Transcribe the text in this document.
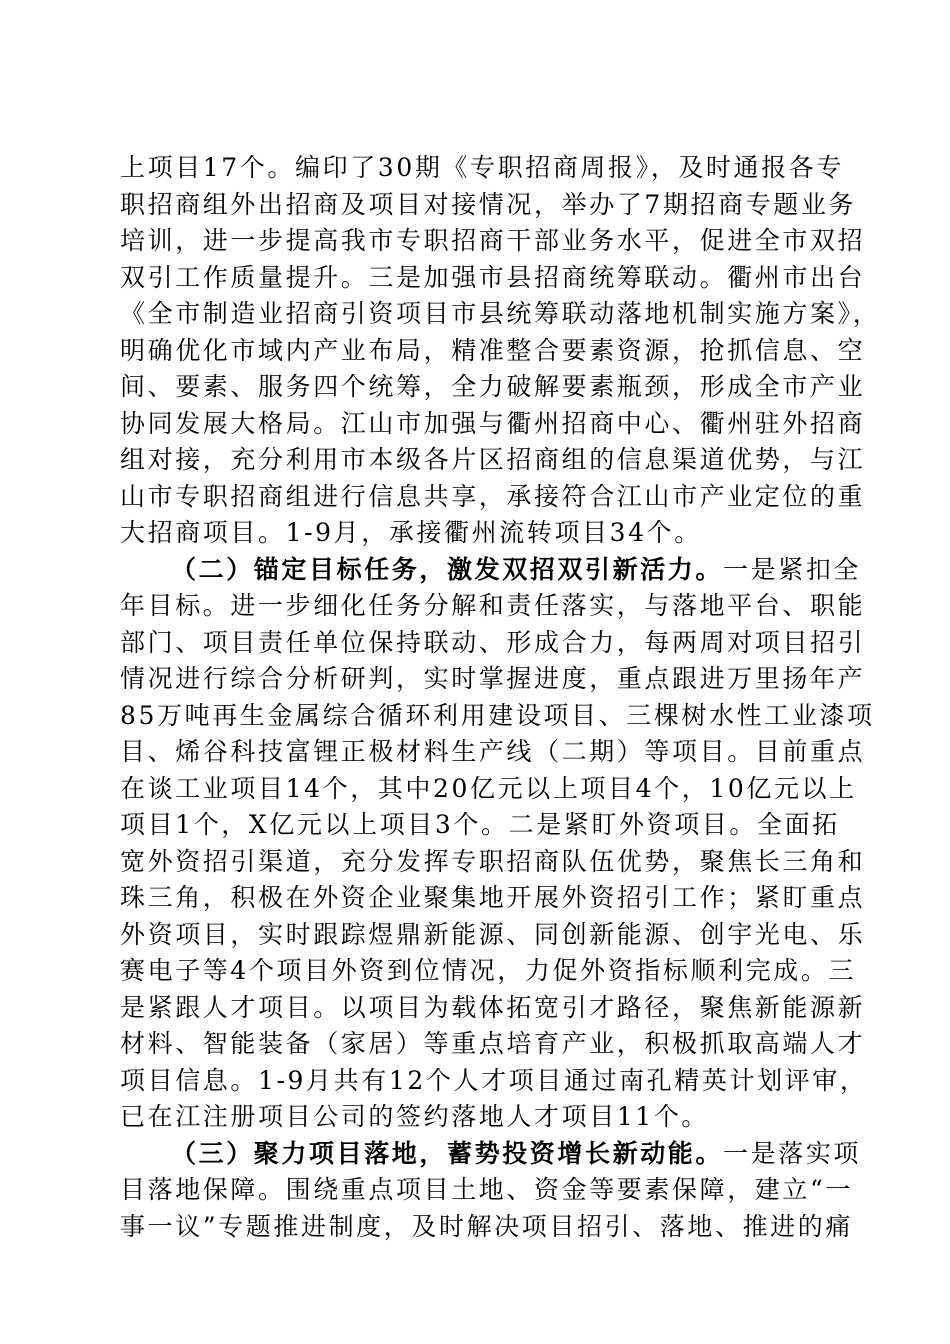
上项目17个。编印了30期《专职招商周报》，及时通报各专
职招商组外出招商及项目对接情况，举办了7期招商专题业务
培训，进一步提高我市专职招商干部业务水平，促进全市双招
双引工作质量提升。三是加强市县招商统筹联动。衢州市出台
《全市制造业招商引资项目市县统筹联动落地机制实施方案》，
明确优化市域内产业布局，精准整合要素资源，抢抓信息、空
间、要素、服务四个统筹，全力破解要素瓶颈，形成全市产业
协同发展大格局。江山市加强与衢州招商中心、衢州驻外招商
组对接，充分利用市本级各片区招商组的信息渠道优势，与江
山市专职招商组进行信息共享，承接符合江山市产业定位的重
大招商项目。1-9月，承接衢州流转项目34个。
（二）锚定目标任务，激发双招双引新活力。一是紧扣全
年目标。进一步细化任务分解和责任落实，与落地平台、职能
部门、项目责任单位保持联动、形成合力，每两周对项目招引
情况进行综合分析研判，实时掌握进度，重点跟进万里扬年产
85万吨再生金属综合循环利用建设项目、三棵树水性工业漆项
目、烯谷科技富锂正极材料生产线（二期）等项目。目前重点
在谈工业项目14个，其中20亿元以上项目4个，10亿元以上
项目1个，X亿元以上项目3个。二是紧盯外资项目。全面拓
宽外资招引渠道，充分发挥专职招商队伍优势，聚焦长三角和
珠三角，积极在外资企业聚集地开展外资招引工作；紧盯重点
外资项目，实时跟踪煜鼎新能源、同创新能源、创宇光电、乐
赛电子等4个项目外资到位情况，力促外资指标顺利完成。三
是紧跟人才项目。以项目为载体拓宽引才路径，聚焦新能源新
材料、智能装备（家居）等重点培育产业，积极抓取高端人才
项目信息。1-9月共有12个人才项目通过南孔精英计划评审，
已在江注册项目公司的签约落地人才项目11个。
（三）聚力项目落地，蓄势投资增长新动能。一是落实项
目落地保障。围绕重点项目土地、资金等要素保障，建立“一
事一议”专题推进制度，及时解决项目招引、落地、推进的痛
